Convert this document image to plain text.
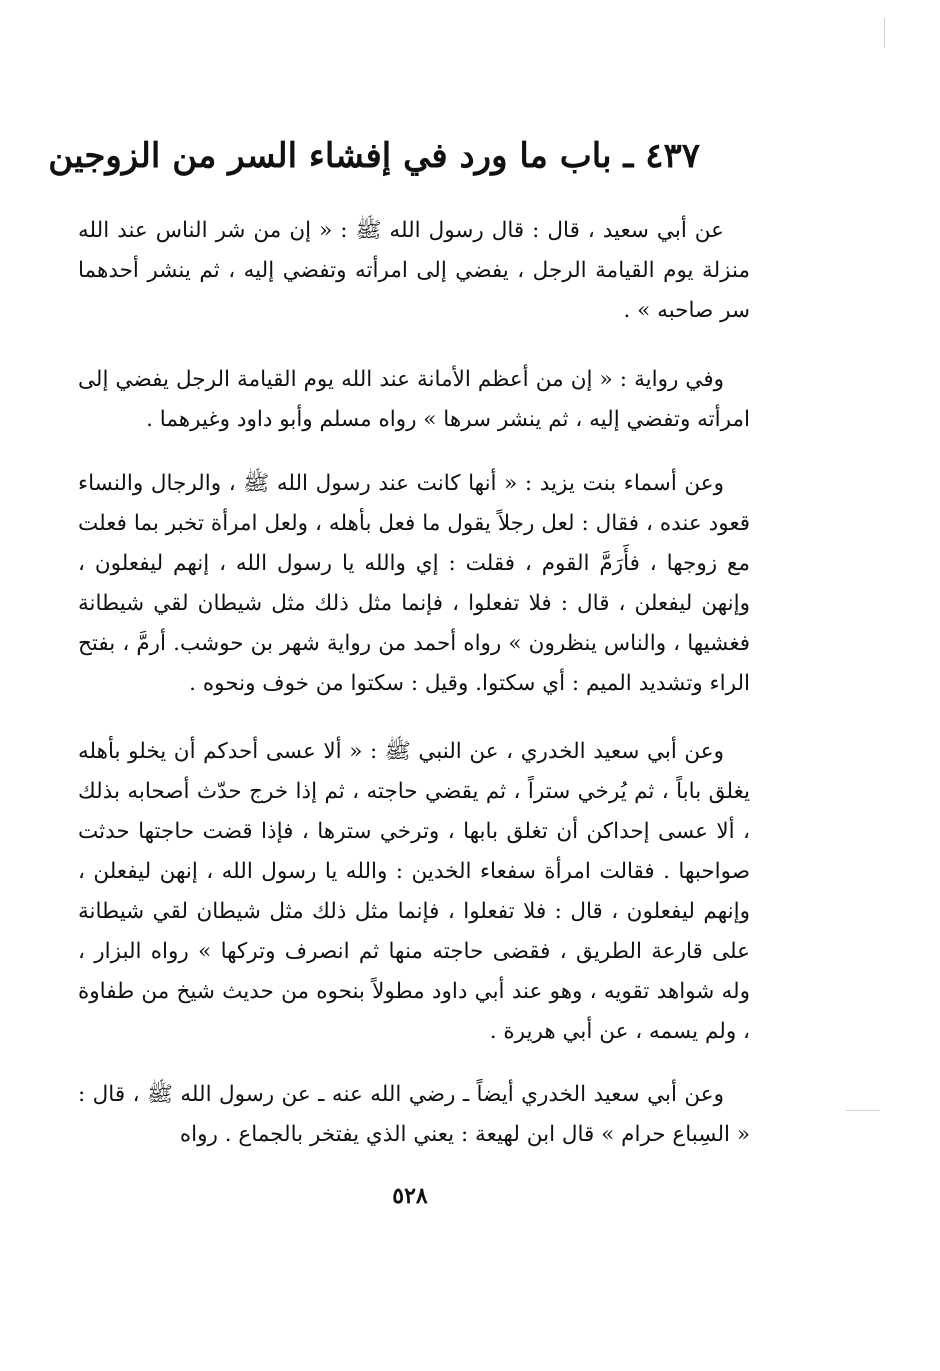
٤٣٧ ـ باب ما ورد في إفشاء السر من الزوجين

عن أبي سعيد ، قال : قال رسول الله ﷺ : « إن من شر الناس عند الله منزلة يوم القيامة الرجل ، يفضي إلى امرأته وتفضي إليه ، ثم ينشر أحدهما سر صاحبه » .

وفي رواية : « إن من أعظم الأمانة عند الله يوم القيامة الرجل يفضي إلى امرأته وتفضي إليه ، ثم ينشر سرها » رواه مسلم وأبو داود وغيرهما .

وعن أسماء بنت يزيد : « أنها كانت عند رسول الله ﷺ ، والرجال والنساء قعود عنده ، فقال : لعل رجلاً يقول ما فعل بأهله ، ولعل امرأة تخبر بما فعلت مع زوجها ، فأَرَمَّ القوم ، فقلت : إي والله يا رسول الله ، إنهم ليفعلون ، وإنهن ليفعلن ، قال : فلا تفعلوا ، فإنما مثل ذلك مثل شيطان لقي شيطانة فغشيها ، والناس ينظرون » رواه أحمد من رواية شهر بن حوشب. أرمَّ ، بفتح الراء وتشديد الميم : أي سكتوا. وقيل : سكتوا من خوف ونحوه .

وعن أبي سعيد الخدري ، عن النبي ﷺ : « ألا عسى أحدكم أن يخلو بأهله يغلق باباً ، ثم يُرخي ستراً ، ثم يقضي حاجته ، ثم إذا خرج حدّث أصحابه بذلك ، ألا عسى إحداكن أن تغلق بابها ، وترخي سترها ، فإذا قضت حاجتها حدثت صواحبها . فقالت امرأة سفعاء الخدين : والله يا رسول الله ، إنهن ليفعلن ، وإنهم ليفعلون ، قال : فلا تفعلوا ، فإنما مثل ذلك مثل شيطان لقي شيطانة على قارعة الطريق ، فقضى حاجته منها ثم انصرف وتركها » رواه البزار ، وله شواهد تقويه ، وهو عند أبي داود مطولاً بنحوه من حديث شيخ من طفاوة ، ولم يسمه ، عن أبي هريرة .

وعن أبي سعيد الخدري أيضاً ـ رضي الله عنه ـ عن رسول الله ﷺ ، قال : « السِباع حرام » قال ابن لهيعة : يعني الذي يفتخر بالجماع . رواه

٥٢٨
